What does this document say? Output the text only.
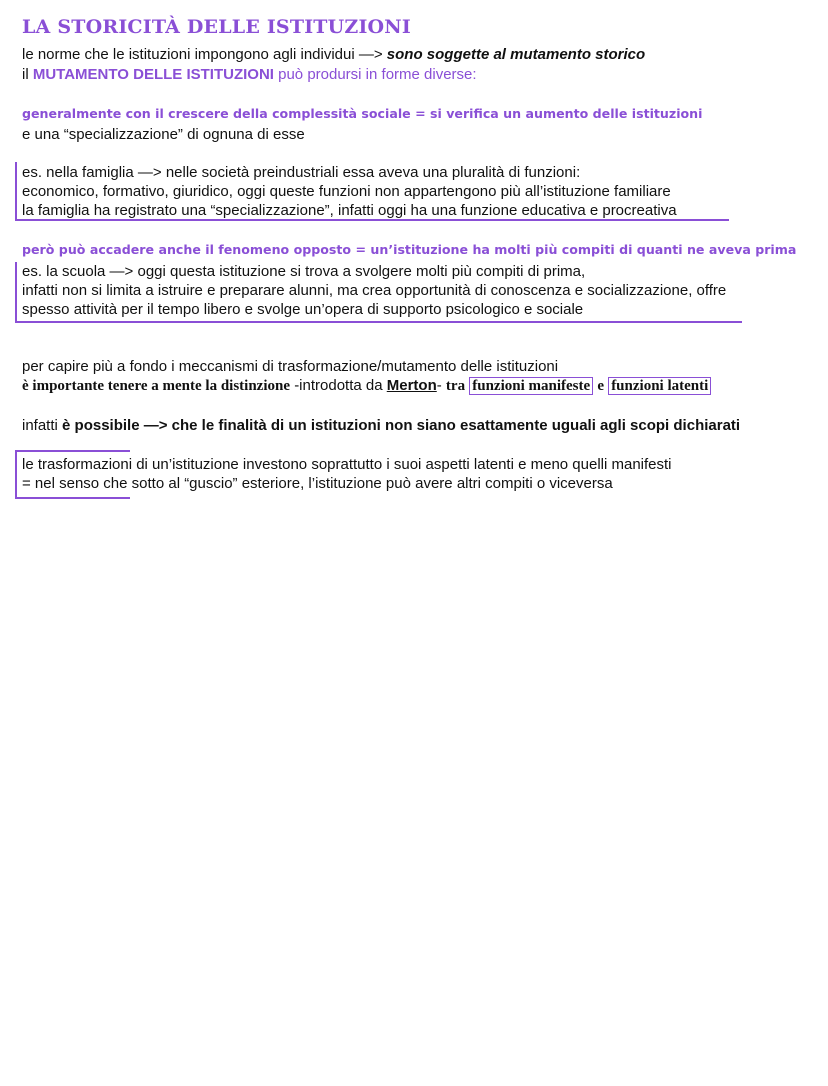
LA STORICITÀ DELLE ISTITUZIONI
le norme che le istituzioni impongono agli individui —> sono soggette al mutamento storico
il MUTAMENTO DELLE ISTITUZIONI può prodursi in forme diverse:
generalmente con il crescere della complessità sociale = si verifica un aumento delle istituzioni
e una “specializzazione” di ognuna di esse
es. nella famiglia —> nelle società preindustriali essa aveva una pluralità di funzioni:
economico, formativo, giuridico, oggi queste funzioni non appartengono più all’istituzione familiare
la famiglia ha registrato una “specializzazione”, infatti oggi ha una funzione educativa e procreativa
però può accadere anche il fenomeno opposto = un’istituzione ha molti più compiti di quanti ne aveva prima
es. la scuola —> oggi questa istituzione si trova a svolgere molti più compiti di prima,
infatti non si limita a istruire e preparare alunni, ma crea opportunità di conoscenza e socializzazione, offre
spesso attività per il tempo libero e svolge un’opera di supporto psicologico e sociale
per capire più a fondo i meccanismi di trasformazione/mutamento delle istituzioni
è importante tenere a mente la distinzione -introdotta da Merton- tra funzioni manifeste e funzioni latenti
infatti è possibile —> che le finalità di un istituzioni non siano esattamente uguali agli scopi dichiarati
le trasformazioni di un’istituzione investono soprattutto i suoi aspetti latenti e meno quelli manifesti
= nel senso che sotto al “guscio” esteriore, l’istituzione può avere altri compiti o viceversa
